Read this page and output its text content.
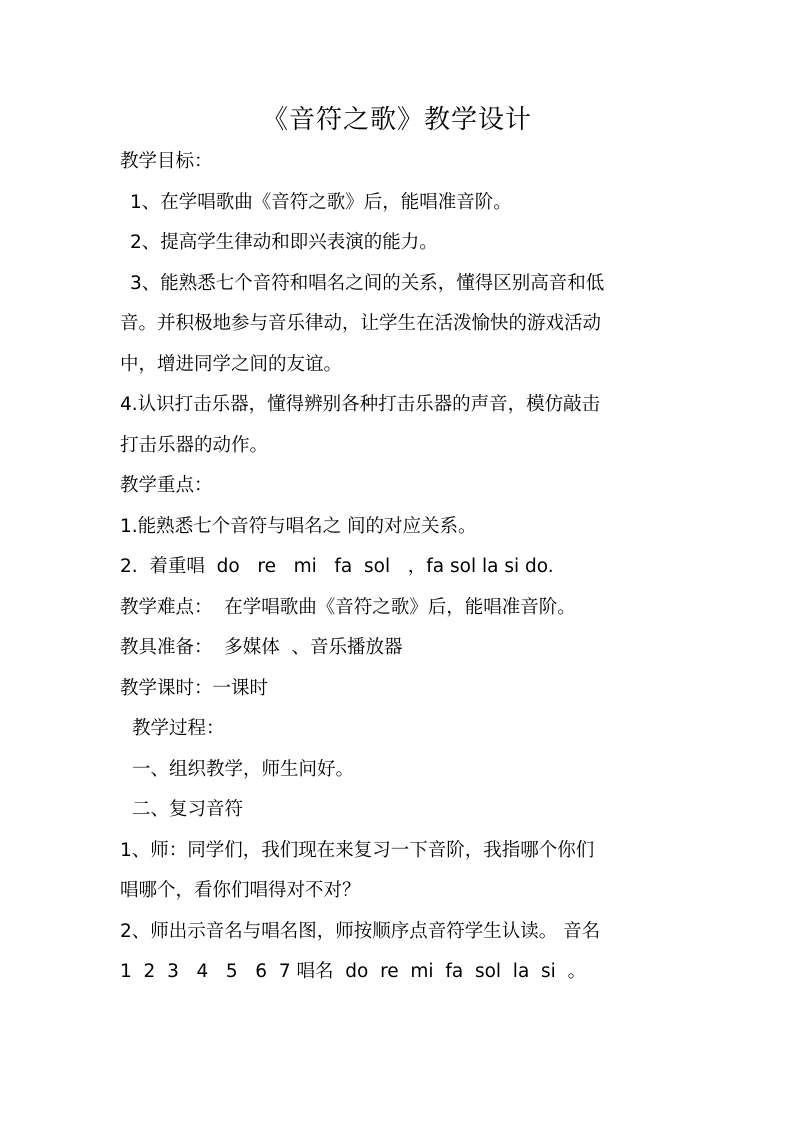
《音符之歌》教学设计
教学目标：
1、在学唱歌曲《音符之歌》后，能唱准音阶。
2、提高学生律动和即兴表演的能力。
3、能熟悉七个音符和唱名之间的关系，懂得区别高音和低
音。并积极地参与音乐律动，让学生在活泼愉快的游戏活动
中，增进同学之间的友谊。
4.认识打击乐器，懂得辨别各种打击乐器的声音，模仿敲击
打击乐器的动作。
教学重点：
1.能熟悉七个音符与唱名之 间的对应关系。
2.  着重唱  do   re   mi   fa  sol   ，fa sol la si do.
教学难点：  在学唱歌曲《音符之歌》后，能唱准音阶。
教具准备：  多媒体  、音乐播放器
教学课时：一课时
教学过程：
一、组织教学，师生问好。
二、复习音符
1、师：同学们，我们现在来复习一下音阶，我指哪个你们
唱哪个，看你们唱得对不对？
2、师出示音名与唱名图，师按顺序点音符学生认读。 音名
1  2  3   4   5   6  7 唱名  do  re  mi  fa  sol  la  si  。
